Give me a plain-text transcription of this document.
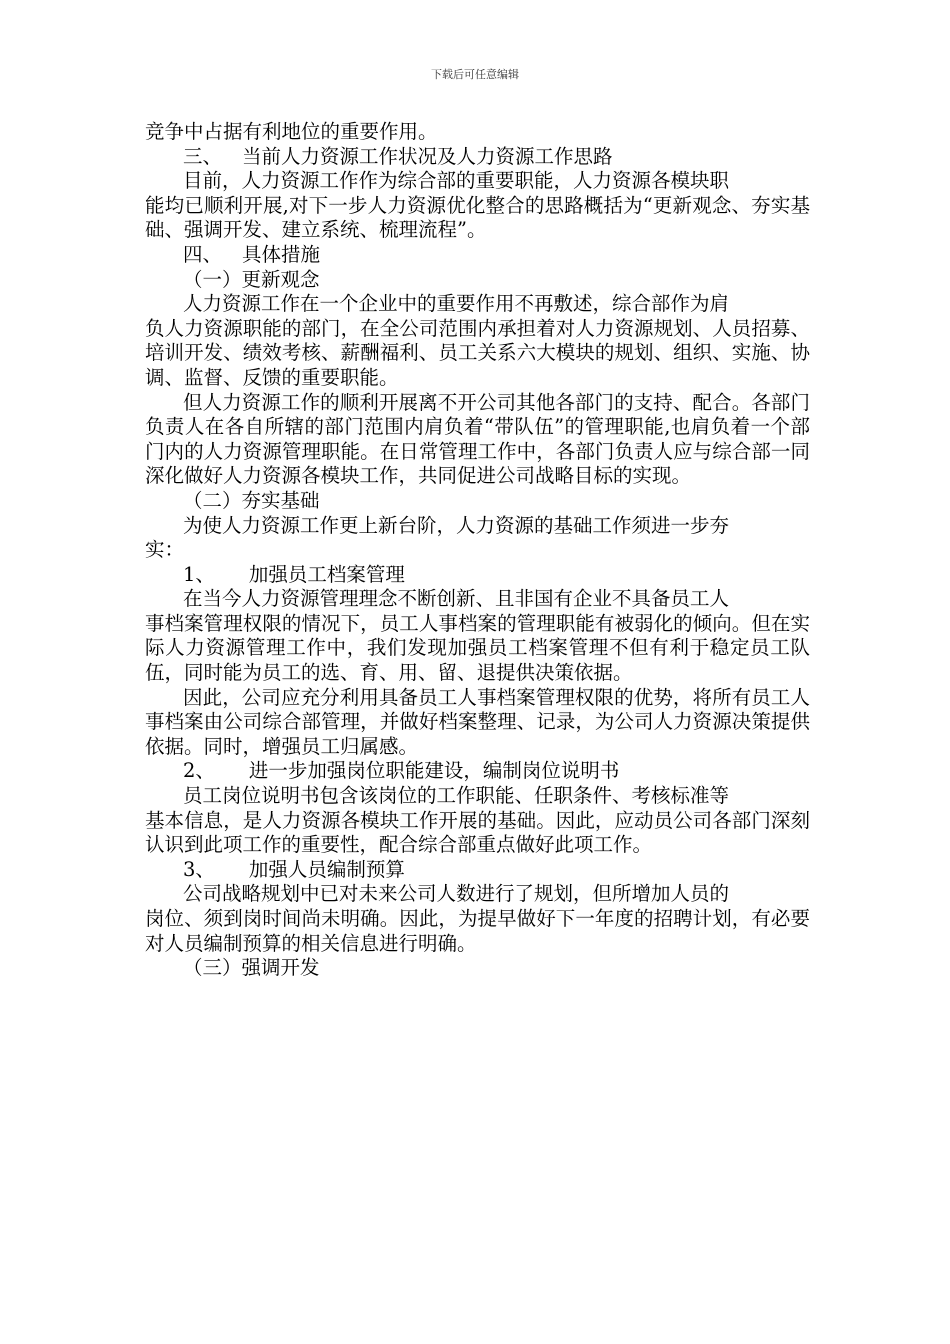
下载后可任意编辑

竞争中占据有利地位的重要作用。

三、 当前人力资源工作状况及人力资源工作思路

目前，人力资源工作作为综合部的重要职能，人力资源各模块职

能均已顺利开展,对下一步人力资源优化整合的思路概括为“更新观念、夯实基础、强调开发、建立系统、梳理流程”。

四、 具体措施

（一）更新观念

人力资源工作在一个企业中的重要作用不再敷述，综合部作为肩

负人力资源职能的部门，在全公司范围内承担着对人力资源规划、人员招募、培训开发、绩效考核、薪酬福利、员工关系六大模块的规划、组织、实施、协调、监督、反馈的重要职能。

但人力资源工作的顺利开展离不开公司其他各部门的支持、配合。各部门负责人在各自所辖的部门范围内肩负着“带队伍”的管理职能,也肩负着一个部门内的人力资源管理职能。在日常管理工作中，各部门负责人应与综合部一同深化做好人力资源各模块工作，共同促进公司战略目标的实现。

（二）夯实基础

为使人力资源工作更上新台阶，人力资源的基础工作须进一步夯

实：

1、 加强员工档案管理

在当今人力资源管理理念不断创新、且非国有企业不具备员工人

事档案管理权限的情况下，员工人事档案的管理职能有被弱化的倾向。但在实际人力资源管理工作中，我们发现加强员工档案管理不但有利于稳定员工队伍，同时能为员工的选、育、用、留、退提供决策依据。

因此，公司应充分利用具备员工人事档案管理权限的优势，将所有员工人事档案由公司综合部管理，并做好档案整理、记录，为公司人力资源决策提供依据。同时，增强员工归属感。

2、 进一步加强岗位职能建设，编制岗位说明书

员工岗位说明书包含该岗位的工作职能、任职条件、考核标准等

基本信息，是人力资源各模块工作开展的基础。因此，应动员公司各部门深刻认识到此项工作的重要性，配合综合部重点做好此项工作。

3、 加强人员编制预算

公司战略规划中已对未来公司人数进行了规划，但所增加人员的

岗位、须到岗时间尚未明确。因此，为提早做好下一年度的招聘计划，有必要对人员编制预算的相关信息进行明确。

（三）强调开发
